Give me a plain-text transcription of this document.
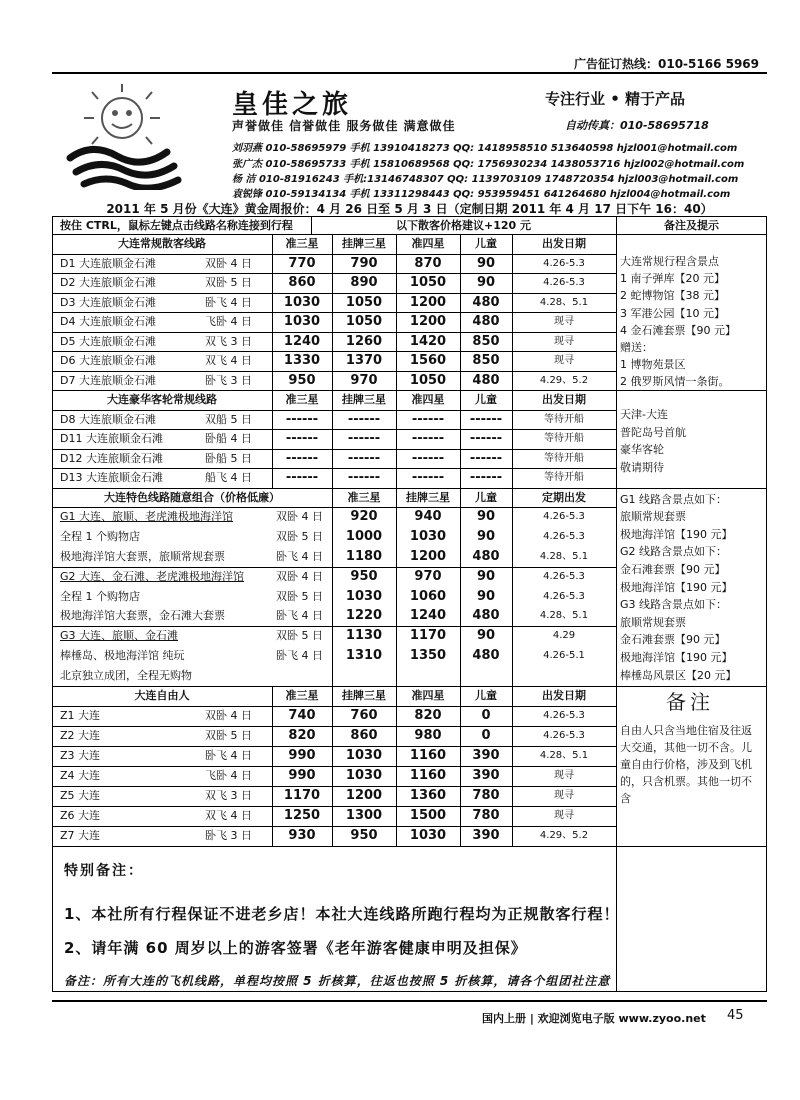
广告征订热线：010-5166 5969
皇佳之旅
声誉做佳 信誉做佳 服务做佳 满意做佳
专注行业 • 精于产品
自动传真：010-58695718
刘羽燕 010-58695979 手机 13910418273 QQ: 1418958510 513640598 hjzl001@hotmail.com
张广杰 010-58695733 手机 15810689568 QQ: 1756930234 1438053716 hjzl002@hotmail.com
杨 洁 010-81916243 手机:13146748307 QQ: 1139703109 1748720354 hjzl003@hotmail.com
袁锐锋 010-59134134 手机 13311298443 QQ: 953959451 641264680 hjzl004@hotmail.com
2011 年 5 月份《大连》黄金周报价：4 月 26 日至 5 月 3 日（定制日期 2011 年 4 月 17 日下午 16：40）
按住 CTRL，鼠标左键点击线路名称连接到行程	以下散客价格建议+120 元	备注及提示
大连常规散客线路	准三星	挂牌三星	准四星	儿童	出发日期
D1 大连旅顺金石滩	双卧 4 日	770	790	870	90	4.26-5.3
D2 大连旅顺金石滩	双卧 5 日	860	890	1050	90	4.26-5.3
D3 大连旅顺金石滩	卧飞 4 日	1030	1050	1200	480	4.28、5.1
D4 大连旅顺金石滩	飞卧 4 日	1030	1050	1200	480	现寻
D5 大连旅顺金石滩	双飞 3 日	1240	1260	1420	850	现寻
D6 大连旅顺金石滩	双飞 4 日	1330	1370	1560	850	现寻
D7 大连旅顺金石滩	卧飞 3 日	950	970	1050	480	4.29、5.2
大连常规行程含景点
1 南子弹库【20 元】
2 蛇博物馆【38 元】
3 军港公园【10 元】
4 金石滩套票【90 元】
赠送：
1 博物苑景区
2 俄罗斯风情一条街。
大连豪华客轮常规线路	准三星	挂牌三星	准四星	儿童	出发日期
D8 大连旅顺金石滩	双船 5 日	------	------	------	------	等待开船
D11 大连旅顺金石滩	卧船 4 日	------	------	------	------	等待开船
D12 大连旅顺金石滩	卧船 5 日	------	------	------	------	等待开船
D13 大连旅顺金石滩	船飞 4 日	------	------	------	------	等待开船
天津-大连
普陀岛号首航
豪华客轮
敬请期待
大连特色线路随意组合（价格低廉）	准三星	挂牌三星	儿童	定期出发
G1 大连、旅顺、老虎滩极地海洋馆	双卧 4 日	920	940	90	4.26-5.3
全程 1 个购物店	双卧 5 日	1000	1030	90	4.26-5.3
极地海洋馆大套票，旅顺常规套票	卧飞 4 日	1180	1200	480	4.28、5.1
G2 大连、金石滩、老虎滩极地海洋馆	双卧 4 日	950	970	90	4.26-5.3
全程 1 个购物店	双卧 5 日	1030	1060	90	4.26-5.3
极地海洋馆大套票，金石滩大套票	卧飞 4 日	1220	1240	480	4.28、5.1
G3 大连、旅顺、金石滩	双卧 5 日	1130	1170	90	4.29
棒棰岛、极地海洋馆 纯玩	卧飞 4 日	1310	1350	480	4.26-5.1
北京独立成团，全程无购物
G1 线路含景点如下：
旅顺常规套票
极地海洋馆【190 元】
G2 线路含景点如下：
金石滩套票【90 元】
极地海洋馆【190 元】
G3 线路含景点如下：
旅顺常规套票
金石滩套票【90 元】
极地海洋馆【190 元】
棒棰岛风景区【20 元】
大连自由人	准三星	挂牌三星	准四星	儿童	出发日期
Z1 大连	双卧 4 日	740	760	820	0	4.26-5.3
Z2 大连	双卧 5 日	820	860	980	0	4.26-5.3
Z3 大连	卧飞 4 日	990	1030	1160	390	4.28、5.1
Z4 大连	飞卧 4 日	990	1030	1160	390	现寻
Z5 大连	双飞 3 日	1170	1200	1360	780	现寻
Z6 大连	双飞 4 日	1250	1300	1500	780	现寻
Z7 大连	卧飞 3 日	930	950	1030	390	4.29、5.2
备注
自由人只含当地住宿及往返大交通，其他一切不含。儿童自由行价格，涉及到飞机的，只含机票。其他一切不含
特别备注：
1、本社所有行程保证不进老乡店！本社大连线路所跑行程均为正规散客行程！
2、请年满 60 周岁以上的游客签署《老年游客健康申明及担保》
备注：所有大连的飞机线路，单程均按照 5 折核算，往返也按照 5 折核算，请各个组团社注意
国内上册 | 欢迎浏览电子版 www.zyoo.net 45
